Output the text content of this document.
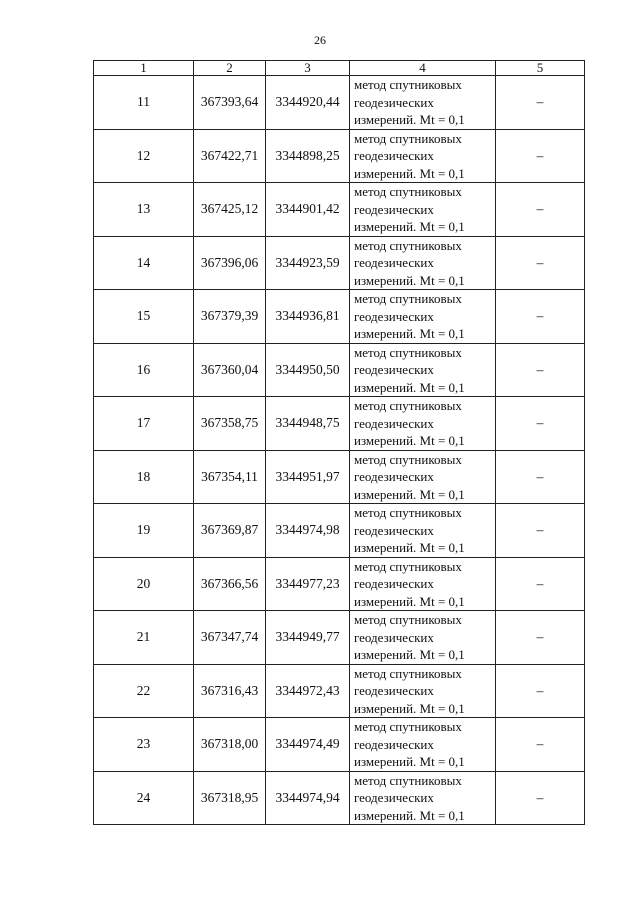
26
1	2	3	4	5
11	367393,64	3344920,44	метод спутниковых
геодезических
измерений. Mt = 0,1	–
12	367422,71	3344898,25	метод спутниковых
геодезических
измерений. Mt = 0,1	–
13	367425,12	3344901,42	метод спутниковых
геодезических
измерений. Mt = 0,1	–
14	367396,06	3344923,59	метод спутниковых
геодезических
измерений. Mt = 0,1	–
15	367379,39	3344936,81	метод спутниковых
геодезических
измерений. Mt = 0,1	–
16	367360,04	3344950,50	метод спутниковых
геодезических
измерений. Mt = 0,1	–
17	367358,75	3344948,75	метод спутниковых
геодезических
измерений. Mt = 0,1	–
18	367354,11	3344951,97	метод спутниковых
геодезических
измерений. Mt = 0,1	–
19	367369,87	3344974,98	метод спутниковых
геодезических
измерений. Mt = 0,1	–
20	367366,56	3344977,23	метод спутниковых
геодезических
измерений. Mt = 0,1	–
21	367347,74	3344949,77	метод спутниковых
геодезических
измерений. Mt = 0,1	–
22	367316,43	3344972,43	метод спутниковых
геодезических
измерений. Mt = 0,1	–
23	367318,00	3344974,49	метод спутниковых
геодезических
измерений. Mt = 0,1	–
24	367318,95	3344974,94	метод спутниковых
геодезических
измерений. Mt = 0,1	–
